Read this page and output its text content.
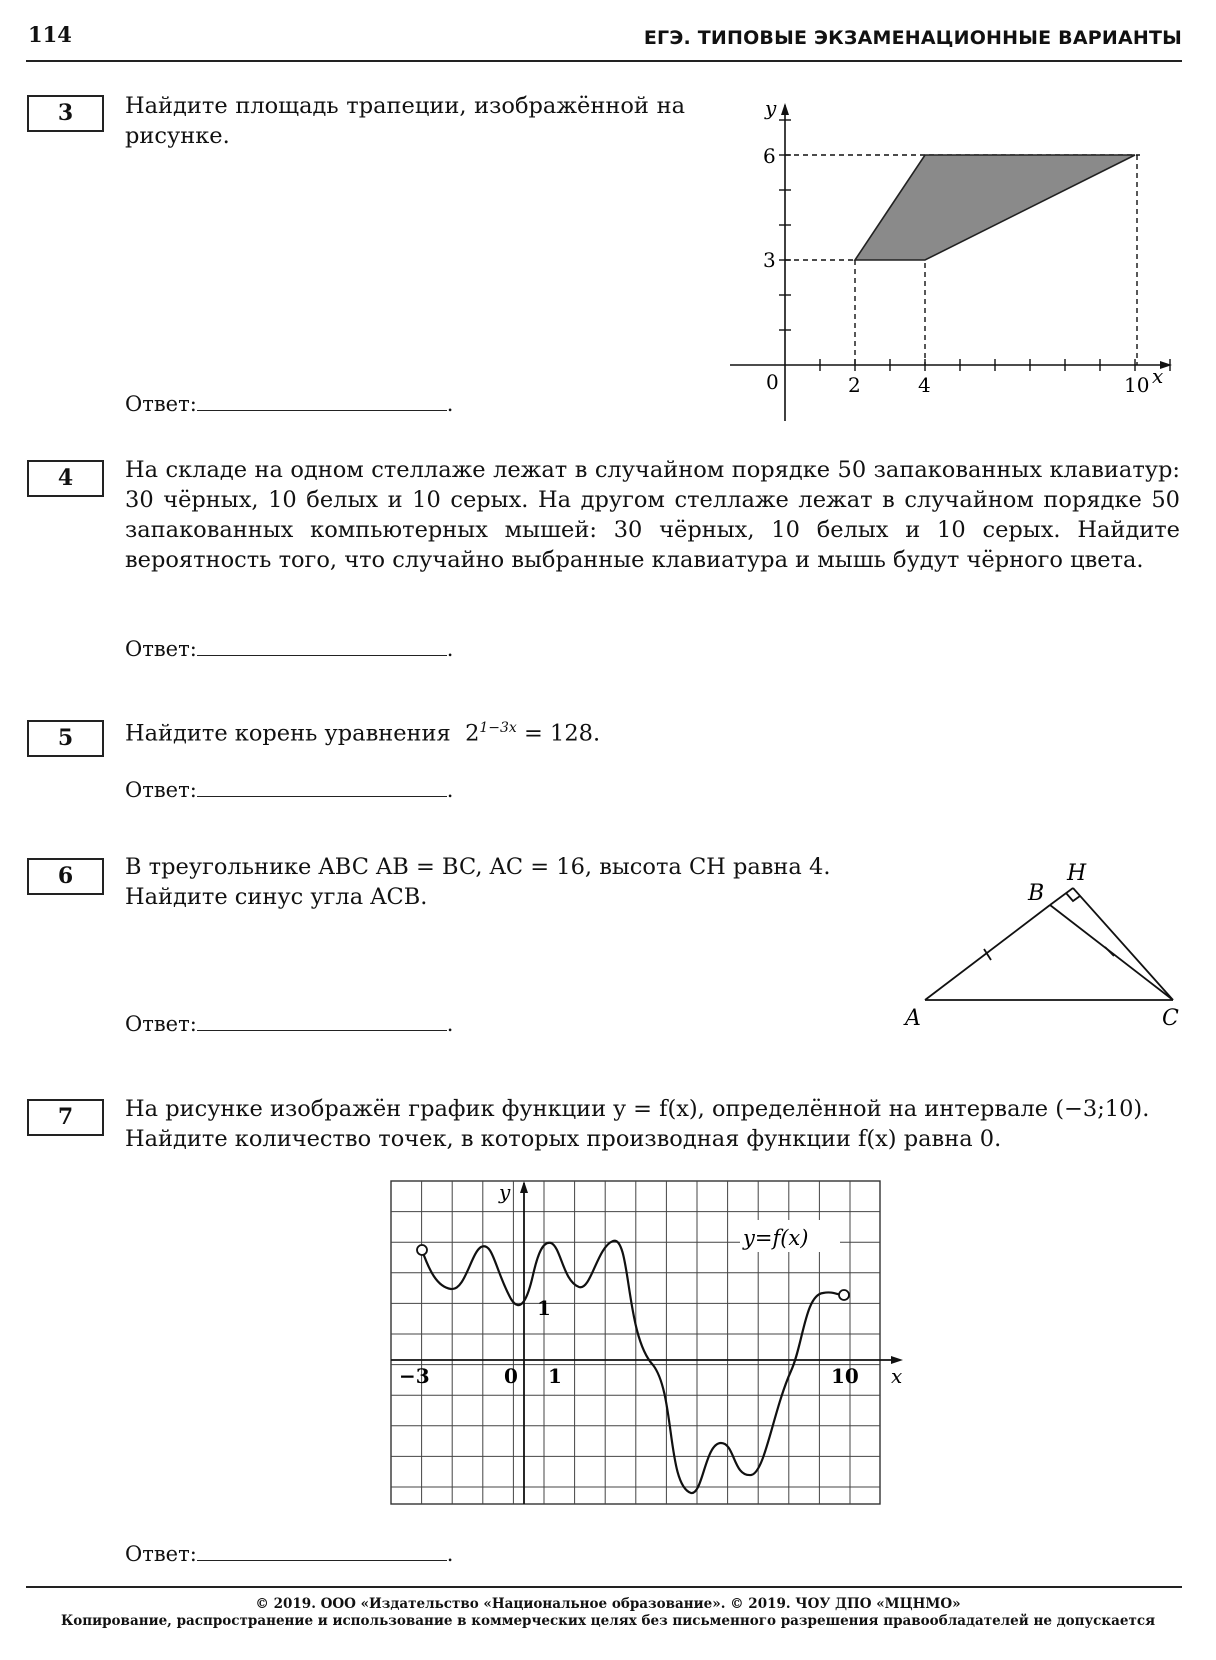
114	ЕГЭ. ТИПОВЫЕ ЭКЗАМЕНАЦИОННЫЕ ВАРИАНТЫ
3	Найдите площадь трапеции, изображённой на рисунке.
Ответ:	.
y
x
0
6
3
2	4	10
4	На складе на одном стеллаже лежат в случайном порядке 50 запакованных клавиатур: 30 чёрных, 10 белых и 10 серых. На другом стеллаже лежат в случайном порядке 50 запакованных компьютерных мышей: 30 чёрных, 10 белых и 10 серых. Найдите вероятность того, что случайно выбранные клавиатура и мышь будут чёрного цвета.
Ответ:	.
5	Найдите корень уравнения $2^{1-3x} = 128$.
Ответ:	.
6	В треугольнике ABC AB = BC, AC = 16, высота CH равна 4.
Найдите синус угла ACB.
Ответ:	.	A
B
C
H
7	На рисунке изображён график функции y = f(x), определённой на интервале (−3;10).
Найдите количество точек, в которых производная функции f(x) равна 0.
y
x
0
−3	1	10
1
y=f(x)
Ответ:	.
© 2019. ООО «Издательство «Национальное образование». © 2019. ЧОУ ДПО «МЦНМО»
Копирование, распространение и использование в коммерческих целях без письменного разрешения правообладателей не допускается
